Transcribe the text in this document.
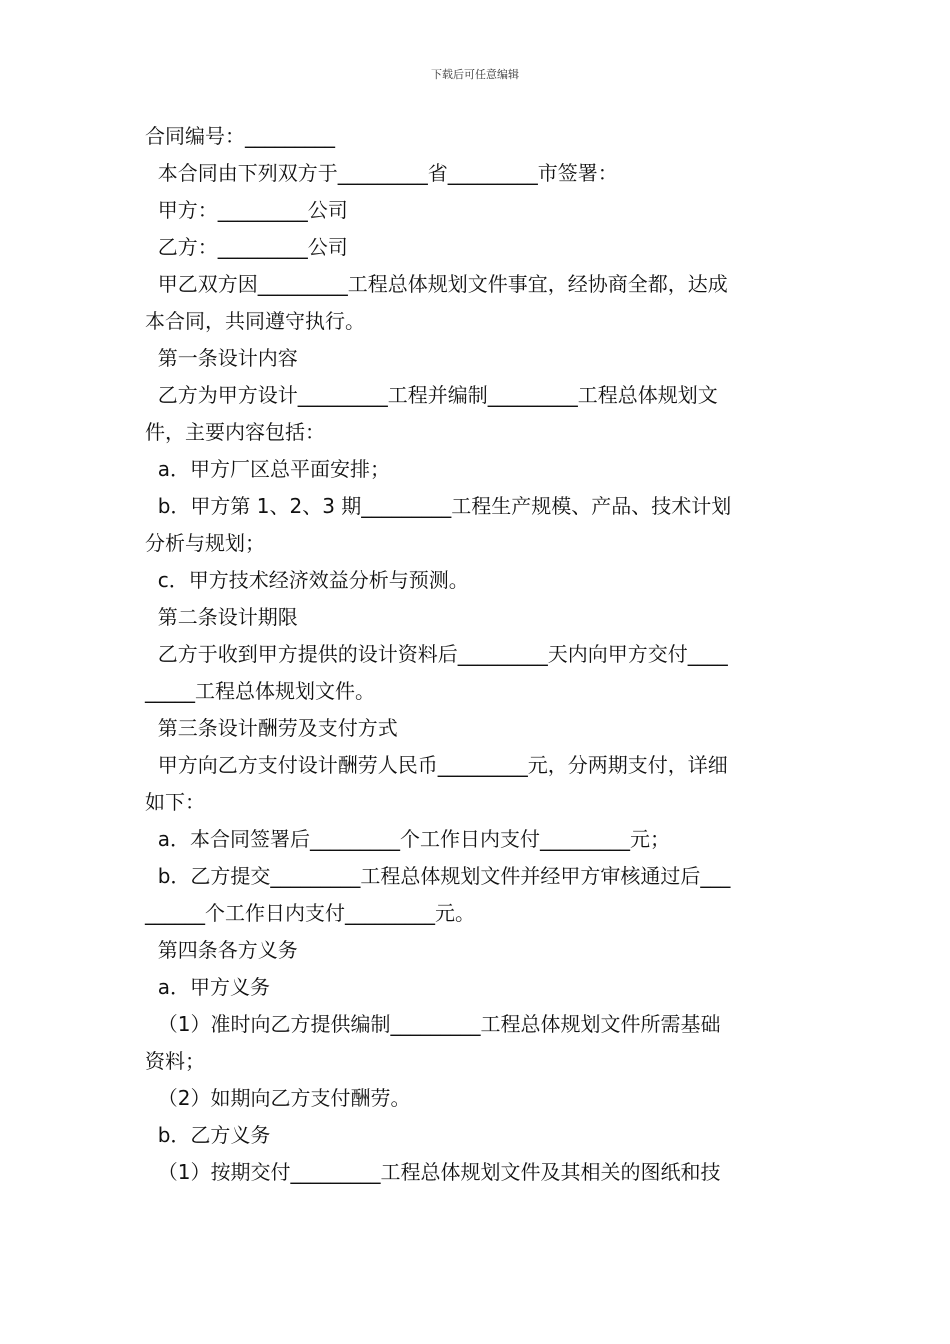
下载后可任意编辑
合同编号：_________
本合同由下列双方于_________省_________市签署：
甲方：_________公司
乙方：_________公司
甲乙双方因_________工程总体规划文件事宜，经协商全都，达成
本合同，共同遵守执行。
第一条设计内容
乙方为甲方设计_________工程并编制_________工程总体规划文
件，主要内容包括：
a．甲方厂区总平面安排；
b．甲方第 1、2、3 期_________工程生产规模、产品、技术计划
分析与规划；
c．甲方技术经济效益分析与预测。
第二条设计期限
乙方于收到甲方提供的设计资料后_________天内向甲方交付____
_____工程总体规划文件。
第三条设计酬劳及支付方式
甲方向乙方支付设计酬劳人民币_________元，分两期支付，详细
如下：
a．本合同签署后_________个工作日内支付_________元；
b．乙方提交_________工程总体规划文件并经甲方审核通过后___
______个工作日内支付_________元。
第四条各方义务
a．甲方义务
（1）准时向乙方提供编制_________工程总体规划文件所需基础
资料；
（2）如期向乙方支付酬劳。
b．乙方义务
（1）按期交付_________工程总体规划文件及其相关的图纸和技
